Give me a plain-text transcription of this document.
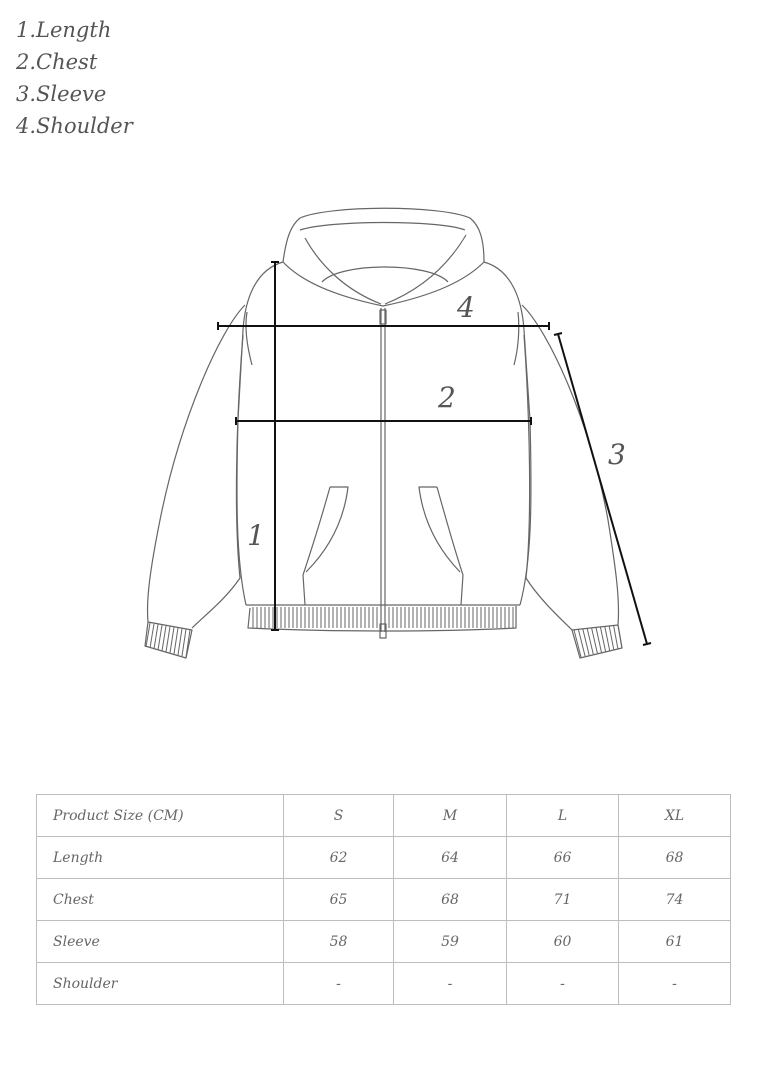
1.Length
2.Chest
3.Sleeve
4.Shoulder
1
2
3
4
Product Size (CM)	S	M	L	XL
Length	62	64	66	68
Chest	65	68	71	74
Sleeve	58	59	60	61
Shoulder	-	-	-	-
